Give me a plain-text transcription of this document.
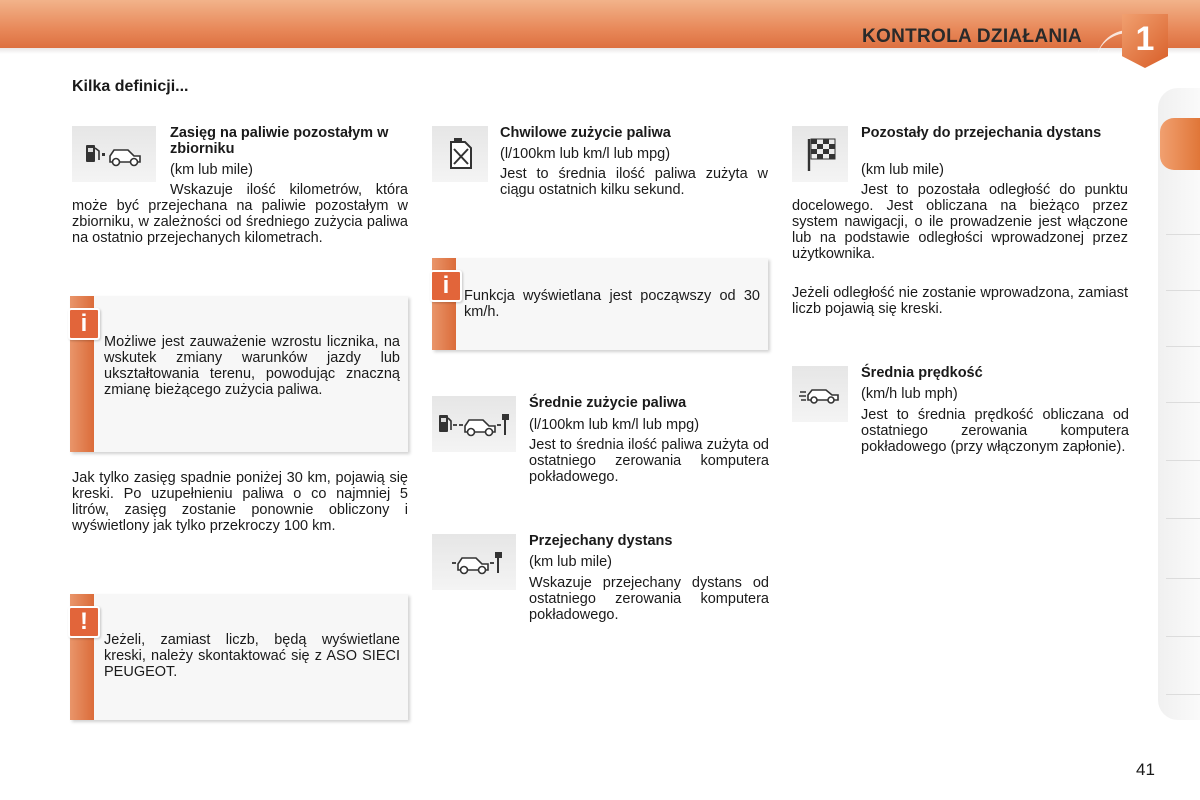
KONTROLA DZIAŁANIA	1
Kilka definicji...
Zasięg na paliwie pozostałym w zbiorniku
(km lub mile)
Wskazuje ilość kilometrów, która może być przejechana na paliwie pozostałym w zbiorniku, w zależności od średniego zużycia paliwa na ostatnio przejechanych kilometrach.
i
Możliwe jest zauważenie wzrostu licznika, na wskutek zmiany warunków jazdy lub ukształtowania terenu, powodując znaczną zmianę bieżącego zużycia paliwa.
Jak tylko zasięg spadnie poniżej 30 km, pojawią się kreski. Po uzupełnieniu paliwa o co najmniej 5 litrów, zasięg zostanie ponownie obliczony i wyświetlony jak tylko przekroczy 100 km.
!
Jeżeli, zamiast liczb, będą wyświetlane kreski, należy skontaktować się z ASO SIECI PEUGEOT.
Chwilowe zużycie paliwa
(l/100km lub km/l lub mpg)
Jest to średnia ilość paliwa zużyta w ciągu ostatnich kilku sekund.
i	Funkcja wyświetlana jest począwszy od 30 km/h.
Średnie zużycie paliwa
(l/100km lub km/l lub mpg)
Jest to średnia ilość paliwa zużyta od ostatniego zerowania komputera pokładowego.
Przejechany dystans
(km lub mile)
Wskazuje przejechany dystans od ostatniego zerowania komputera pokładowego.
Pozostały do przejechania dystans
(km lub mile)
Jest to pozostała odległość do punktu docelowego. Jest obliczana na bieżąco przez system nawigacji, o ile prowadzenie jest włączone lub na podstawie odległości wprowadzonej przez użytkownika.
Jeżeli odległość nie zostanie wprowadzona, zamiast liczb pojawią się kreski.
Średnia prędkość
(km/h lub mph)
Jest to średnia prędkość obliczana od ostatniego zerowania komputera pokładowego (przy włączonym zapłonie).
41
